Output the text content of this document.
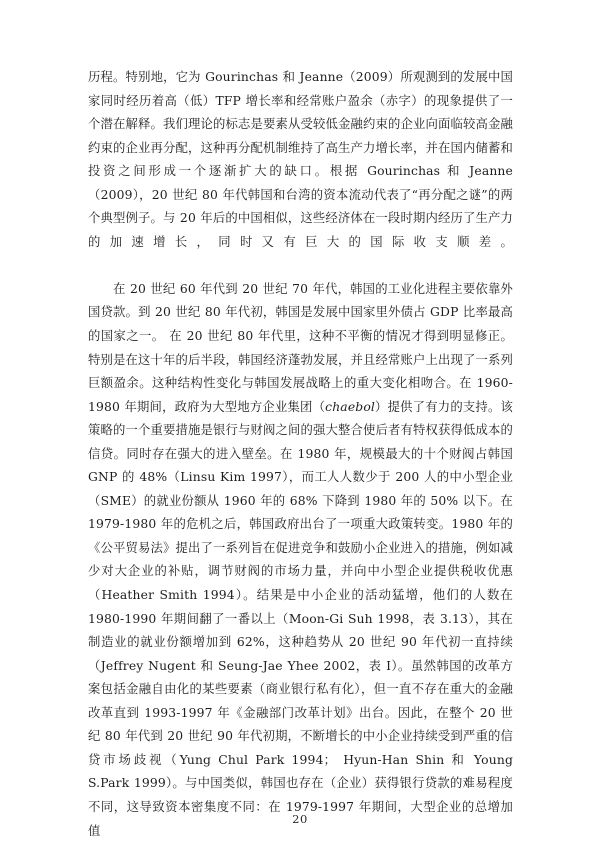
历程。特别地，它为 Gourinchas 和 Jeanne（2009）所观测到的发展中国家同时经历着高（低）TFP 增长率和经常账户盈余（赤字）的现象提供了一个潜在解释。我们理论的标志是要素从受较低金融约束的企业向面临较高金融约束的企业再分配，这种再分配机制维持了高生产力增长率，并在国内储蓄和投资之间形成一个逐渐扩大的缺口。根据 Gourinchas 和 Jeanne（2009），20 世纪 80 年代韩国和台湾的资本流动代表了“再分配之谜”的两个典型例子。与 20 年后的中国相似，这些经济体在一段时期内经历了生产力的加速增长，同时又有巨大的国际收支顺差。

在 20 世纪 60 年代到 20 世纪 70 年代，韩国的工业化进程主要依靠外国贷款。到 20 世纪 80 年代初，韩国是发展中国家里外债占 GDP 比率最高的国家之一。 在 20 世纪 80 年代里，这种不平衡的情况才得到明显修正。特别是在这十年的后半段，韩国经济蓬勃发展，并且经常账户上出现了一系列巨额盈余。这种结构性变化与韩国发展战略上的重大变化相吻合。在 1960-1980 年期间，政府为大型地方企业集团（chaebol）提供了有力的支持。该策略的一个重要措施是银行与财阀之间的强大整合使后者有特权获得低成本的信贷。同时存在强大的进入壁垒。在 1980 年，规模最大的十个财阀占韩国 GNP 的 48%（Linsu Kim 1997），而工人人数少于 200 人的中小型企业（SME）的就业份额从 1960 年的 68% 下降到 1980 年的 50% 以下。在 1979-1980 年的危机之后，韩国政府出台了一项重大政策转变。1980 年的《公平贸易法》提出了一系列旨在促进竞争和鼓励小企业进入的措施，例如减少对大企业的补贴，调节财阀的市场力量，并向中小型企业提供税收优惠（Heather Smith 1994）。结果是中小企业的活动猛增，他们的人数在 1980-1990 年期间翻了一番以上（Moon-Gi Suh 1998，表 3.13），其在制造业的就业份额增加到 62%，这种趋势从 20 世纪 90 年代初一直持续（Jeffrey Nugent 和 Seung-Jae Yhee 2002，表 I）。虽然韩国的改革方案包括金融自由化的某些要素（商业银行私有化），但一直不存在重大的金融改革直到 1993-1997 年《金融部门改革计划》出台。因此，在整个 20 世纪 80 年代到 20 世纪 90 年代初期，不断增长的中小企业持续受到严重的信贷市场歧视（Yung Chul Park 1994； Hyun-Han Shin 和 Young S.Park 1999）。与中国类似，韩国也存在（企业）获得银行贷款的难易程度不同，这导致资本密集度不同：在 1979-1997 年期间，大型企业的总增加值

20
